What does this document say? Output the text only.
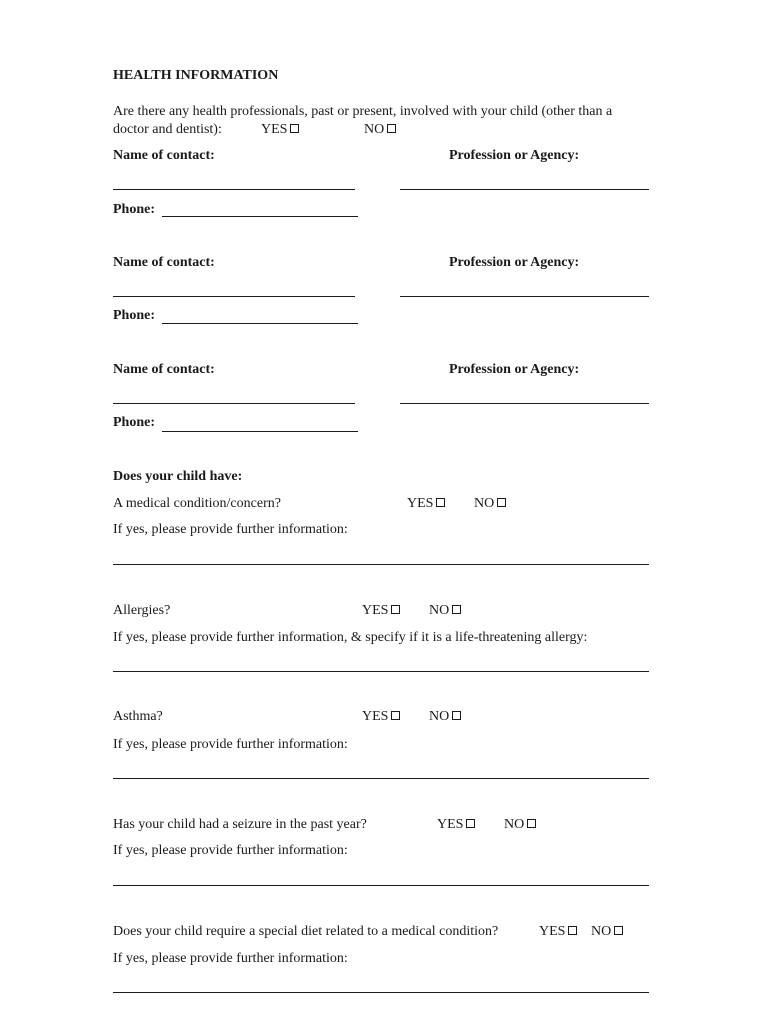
HEALTH INFORMATION
Are there any health professionals, past or present, involved with your child (other than a
doctor and dentist):	YES	NO
Name of contact:	Profession or Agency:
Phone:
Name of contact:	Profession or Agency:
Phone:
Name of contact:	Profession or Agency:
Phone:
Does your child have:
A medical condition/concern?	YES	NO
If yes, please provide further information:
Allergies?	YES	NO
If yes, please provide further information, & specify if it is a life-threatening allergy:
Asthma?	YES	NO
If yes, please provide further information:
Has your child had a seizure in the past year?	YES	NO
If yes, please provide further information:
Does your child require a special diet related to a medical condition?	YES	NO
If yes, please provide further information:
